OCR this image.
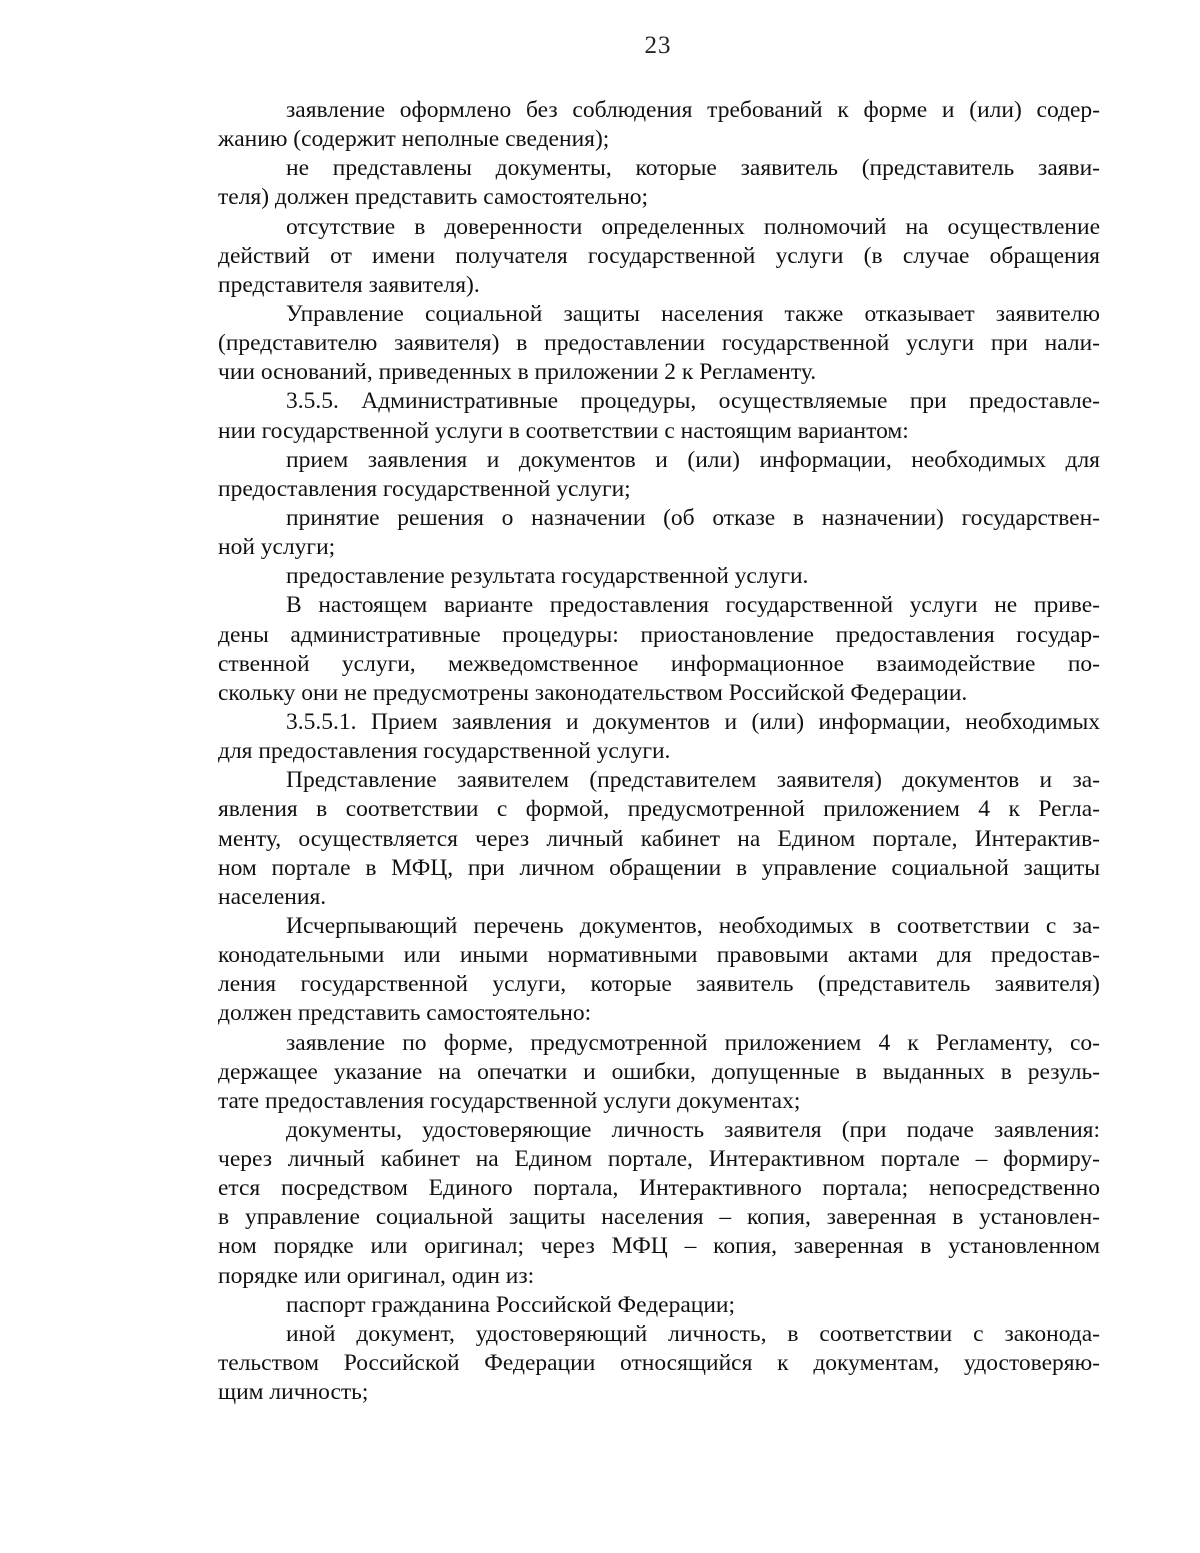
23
заявление оформлено без соблюдения требований к форме и (или) содер-
жанию (содержит неполные сведения);
не представлены документы, которые заявитель (представитель заяви-
теля) должен представить самостоятельно;
отсутствие в доверенности определенных полномочий на осуществление
действий от имени получателя государственной услуги (в случае обращения
представителя заявителя).
Управление социальной защиты населения также отказывает заявителю
(представителю заявителя) в предоставлении государственной услуги при нали-
чии оснований, приведенных в приложении 2 к Регламенту.
3.5.5. Административные процедуры, осуществляемые при предоставле-
нии государственной услуги в соответствии с настоящим вариантом:
прием заявления и документов и (или) информации, необходимых для
предоставления государственной услуги;
принятие решения о назначении (об отказе в назначении) государствен-
ной услуги;
предоставление результата государственной услуги.
В настоящем варианте предоставления государственной услуги не приве-
дены административные процедуры: приостановление предоставления государ-
ственной услуги, межведомственное информационное взаимодействие по-
скольку они не предусмотрены законодательством Российской Федерации.
3.5.5.1. Прием заявления и документов и (или) информации, необходимых
для предоставления государственной услуги.
Представление заявителем (представителем заявителя) документов и за-
явления в соответствии с формой, предусмотренной приложением 4 к Регла-
менту, осуществляется через личный кабинет на Едином портале, Интерактив-
ном портале в МФЦ, при личном обращении в управление социальной защиты
населения.
Исчерпывающий перечень документов, необходимых в соответствии с за-
конодательными или иными нормативными правовыми актами для предостав-
ления государственной услуги, которые заявитель (представитель заявителя)
должен представить самостоятельно:
заявление по форме, предусмотренной приложением 4 к Регламенту, со-
держащее указание на опечатки и ошибки, допущенные в выданных в резуль-
тате предоставления государственной услуги документах;
документы, удостоверяющие личность заявителя (при подаче заявления:
через личный кабинет на Едином портале, Интерактивном портале – формиру-
ется посредством Единого портала, Интерактивного портала; непосредственно
в управление социальной защиты населения – копия, заверенная в установлен-
ном порядке или оригинал; через МФЦ – копия, заверенная в установленном
порядке или оригинал, один из:
паспорт гражданина Российской Федерации;
иной документ, удостоверяющий личность, в соответствии с законода-
тельством Российской Федерации относящийся к документам, удостоверяю-
щим личность;
